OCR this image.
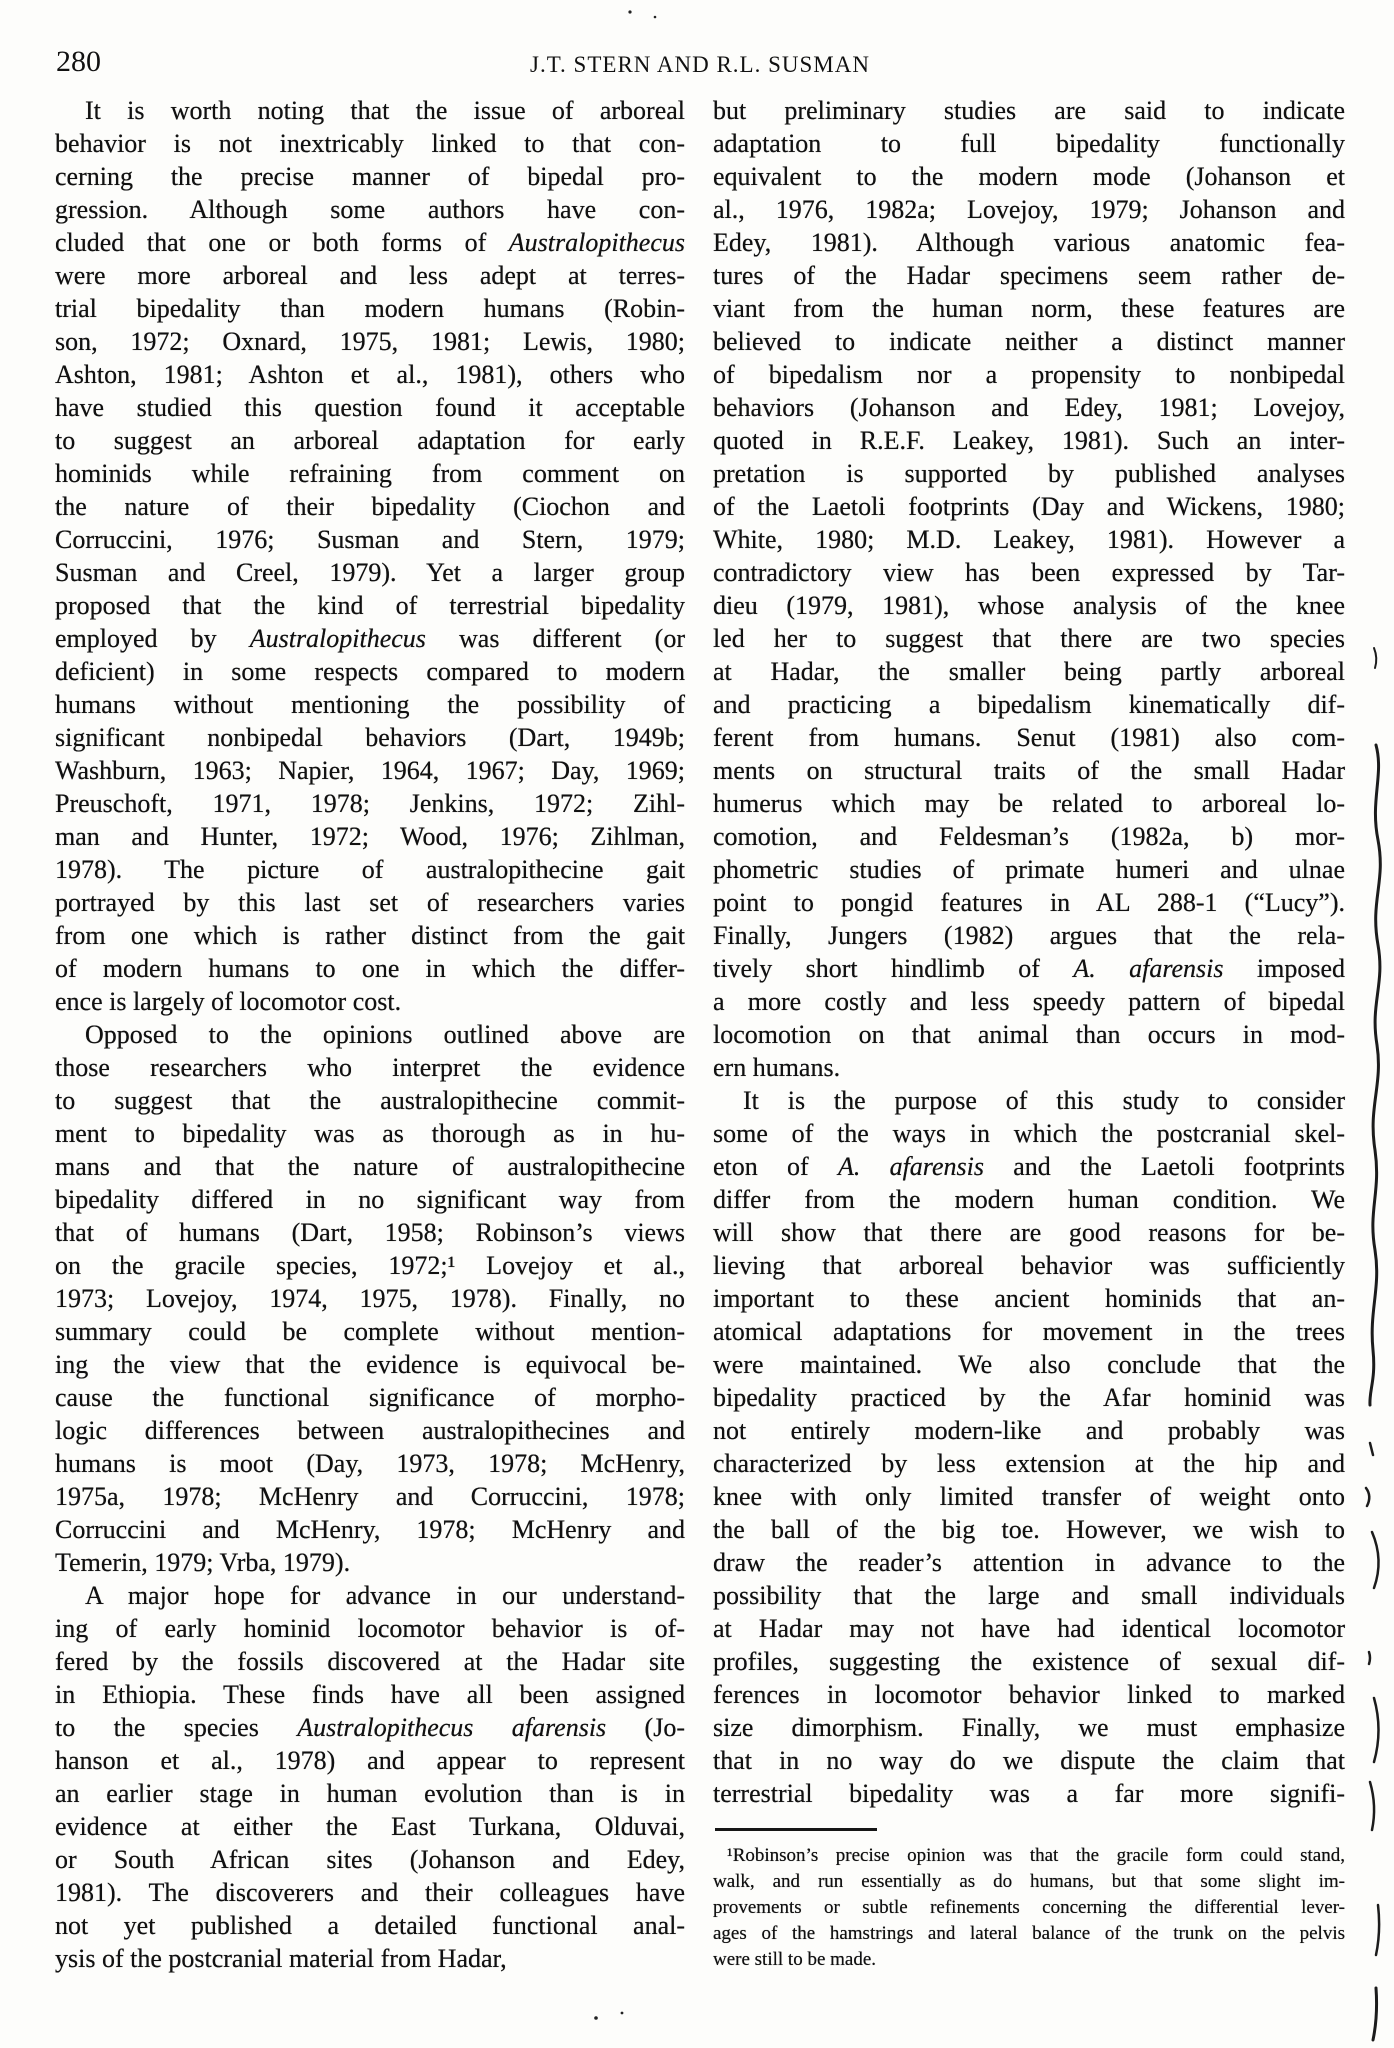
280	J.T. STERN AND R.L. SUSMAN
It is worth noting that the issue of arboreal
behavior is not inextricably linked to that con-
cerning the precise manner of bipedal pro-
gression. Although some authors have con-
cluded that one or both forms of Australopithecus
were more arboreal and less adept at terres-
trial bipedality than modern humans (Robin-
son, 1972; Oxnard, 1975, 1981; Lewis, 1980;
Ashton, 1981; Ashton et al., 1981), others who
have studied this question found it acceptable
to suggest an arboreal adaptation for early
hominids while refraining from comment on
the nature of their bipedality (Ciochon and
Corruccini, 1976; Susman and Stern, 1979;
Susman and Creel, 1979). Yet a larger group
proposed that the kind of terrestrial bipedality
employed by Australopithecus was different (or
deficient) in some respects compared to modern
humans without mentioning the possibility of
significant nonbipedal behaviors (Dart, 1949b;
Washburn, 1963; Napier, 1964, 1967; Day, 1969;
Preuschoft, 1971, 1978; Jenkins, 1972; Zihl-
man and Hunter, 1972; Wood, 1976; Zihlman,
1978). The picture of australopithecine gait
portrayed by this last set of researchers varies
from one which is rather distinct from the gait
of modern humans to one in which the differ-
ence is largely of locomotor cost.
Opposed to the opinions outlined above are
those researchers who interpret the evidence
to suggest that the australopithecine commit-
ment to bipedality was as thorough as in hu-
mans and that the nature of australopithecine
bipedality differed in no significant way from
that of humans (Dart, 1958; Robinson’s views
on the gracile species, 1972;¹ Lovejoy et al.,
1973; Lovejoy, 1974, 1975, 1978). Finally, no
summary could be complete without mention-
ing the view that the evidence is equivocal be-
cause the functional significance of morpho-
logic differences between australopithecines and
humans is moot (Day, 1973, 1978; McHenry,
1975a, 1978; McHenry and Corruccini, 1978;
Corruccini and McHenry, 1978; McHenry and
Temerin, 1979; Vrba, 1979).
A major hope for advance in our understand-
ing of early hominid locomotor behavior is of-
fered by the fossils discovered at the Hadar site
in Ethiopia. These finds have all been assigned
to the species Australopithecus afarensis (Jo-
hanson et al., 1978) and appear to represent
an earlier stage in human evolution than is in
evidence at either the East Turkana, Olduvai,
or South African sites (Johanson and Edey,
1981). The discoverers and their colleagues have
not yet published a detailed functional anal-
ysis of the postcranial material from Hadar,
but preliminary studies are said to indicate
adaptation to full bipedality functionally
equivalent to the modern mode (Johanson et
al., 1976, 1982a; Lovejoy, 1979; Johanson and
Edey, 1981). Although various anatomic fea-
tures of the Hadar specimens seem rather de-
viant from the human norm, these features are
believed to indicate neither a distinct manner
of bipedalism nor a propensity to nonbipedal
behaviors (Johanson and Edey, 1981; Lovejoy,
quoted in R.E.F. Leakey, 1981). Such an inter-
pretation is supported by published analyses
of the Laetoli footprints (Day and Wickens, 1980;
White, 1980; M.D. Leakey, 1981). However a
contradictory view has been expressed by Tar-
dieu (1979, 1981), whose analysis of the knee
led her to suggest that there are two species
at Hadar, the smaller being partly arboreal
and practicing a bipedalism kinematically dif-
ferent from humans. Senut (1981) also com-
ments on structural traits of the small Hadar
humerus which may be related to arboreal lo-
comotion, and Feldesman’s (1982a, b) mor-
phometric studies of primate humeri and ulnae
point to pongid features in AL 288-1 (“Lucy”).
Finally, Jungers (1982) argues that the rela-
tively short hindlimb of A. afarensis imposed
a more costly and less speedy pattern of bipedal
locomotion on that animal than occurs in mod-
ern humans.
It is the purpose of this study to consider
some of the ways in which the postcranial skel-
eton of A. afarensis and the Laetoli footprints
differ from the modern human condition. We
will show that there are good reasons for be-
lieving that arboreal behavior was sufficiently
important to these ancient hominids that an-
atomical adaptations for movement in the trees
were maintained. We also conclude that the
bipedality practiced by the Afar hominid was
not entirely modern-like and probably was
characterized by less extension at the hip and
knee with only limited transfer of weight onto
the ball of the big toe. However, we wish to
draw the reader’s attention in advance to the
possibility that the large and small individuals
at Hadar may not have had identical locomotor
profiles, suggesting the existence of sexual dif-
ferences in locomotor behavior linked to marked
size dimorphism. Finally, we must emphasize
that in no way do we dispute the claim that
terrestrial bipedality was a far more signifi-
¹Robinson’s precise opinion was that the gracile form could stand,
walk, and run essentially as do humans, but that some slight im-
provements or subtle refinements concerning the differential lever-
ages of the hamstrings and lateral balance of the trunk on the pelvis
were still to be made.
